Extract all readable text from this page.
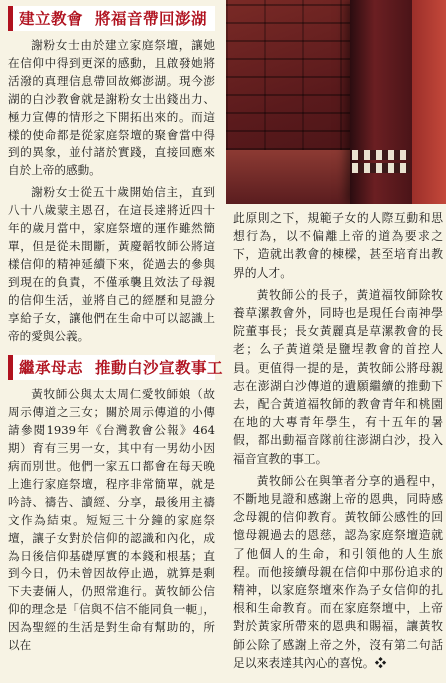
建立教會 將福音帶回澎湖

謝粉女士由於建立家庭祭壇，讓她在信仰中得到更深的感動，且啟發她將活潑的真理信息帶回故鄉澎湖。現今澎湖的白沙教會就是謝粉女士出錢出力、極力宣傳的情形之下開拓出來的。而這樣的使命都是從家庭祭壇的聚會當中得到的異象，並付諸於實踐，直接回應來自於上帝的感動。

謝粉女士從五十歲開始信主，直到八十八歲蒙主恩召，在這長達將近四十年的歲月當中，家庭祭壇的運作雖然簡單，但是從未間斷，黃慶韜牧師公將這樣信仰的精神延續下來，從過去的參與到現在的負責，不僅承襲且效法了母親的信仰生活，並將自己的經歷和見證分享給子女，讓他們在生命中可以認識上帝的愛與公義。

繼承母志 推動白沙宣教事工

黃牧師公與太太周仁愛牧師娘（故周示傳道之三女；關於周示傳道的小傳請參閱1939年《台灣教會公報》464期）育有三男一女，其中有一男幼小因病而別世。他們一家五口都會在每天晚上進行家庭祭壇，程序非常簡單，就是吟詩、禱告、讀經、分享，最後用主禱文作為結束。短短三十分鐘的家庭祭壇，讓子女對於信仰的認識和內化，成為日後信仰基礎厚實的本錢和根基；直到今日，仍未曾因故停止過，就算是剩下夫妻倆人，仍照常進行。黃牧師公信仰的理念是「信與不信不能同負一軛」，因為聖經的生活是對生命有幫助的，所以在

此原則之下，規範子女的人際互動和思想行為，以不偏離上帝的道為要求之下，造就出教會的棟樑，甚至培育出教界的人才。

黃牧師公的長子，黃道福牧師除牧養草漯教會外，同時也是現任台南神學院董事長；長女黃麗真是草漯教會的長老；么子黃道榮是鹽埕教會的首控人員。更值得一提的是，黃牧師公將母親志在澎湖白沙傳道的遺願繼續的推動下去，配合黃道福牧師的教會青年和桃園在地的大專青年學生，有十五年的暑假，都出動福音隊前往澎湖白沙，投入福音宣教的事工。

黃牧師公在與筆者分享的過程中，不斷地見證和感謝上帝的恩典，同時感念母親的信仰教育。黃牧師公感性的回憶母親過去的恩慈，認為家庭祭壇造就了他個人的生命，和引領他的人生旅程。而他接續母親在信仰中那份追求的精神，以家庭祭壇來作為子女信仰的扎根和生命教育。而在家庭祭壇中，上帝對於黃家所帶來的恩典和賜福，讓黃牧師公除了感謝上帝之外，沒有第二句話足以來表達其內心的喜悅。❖
